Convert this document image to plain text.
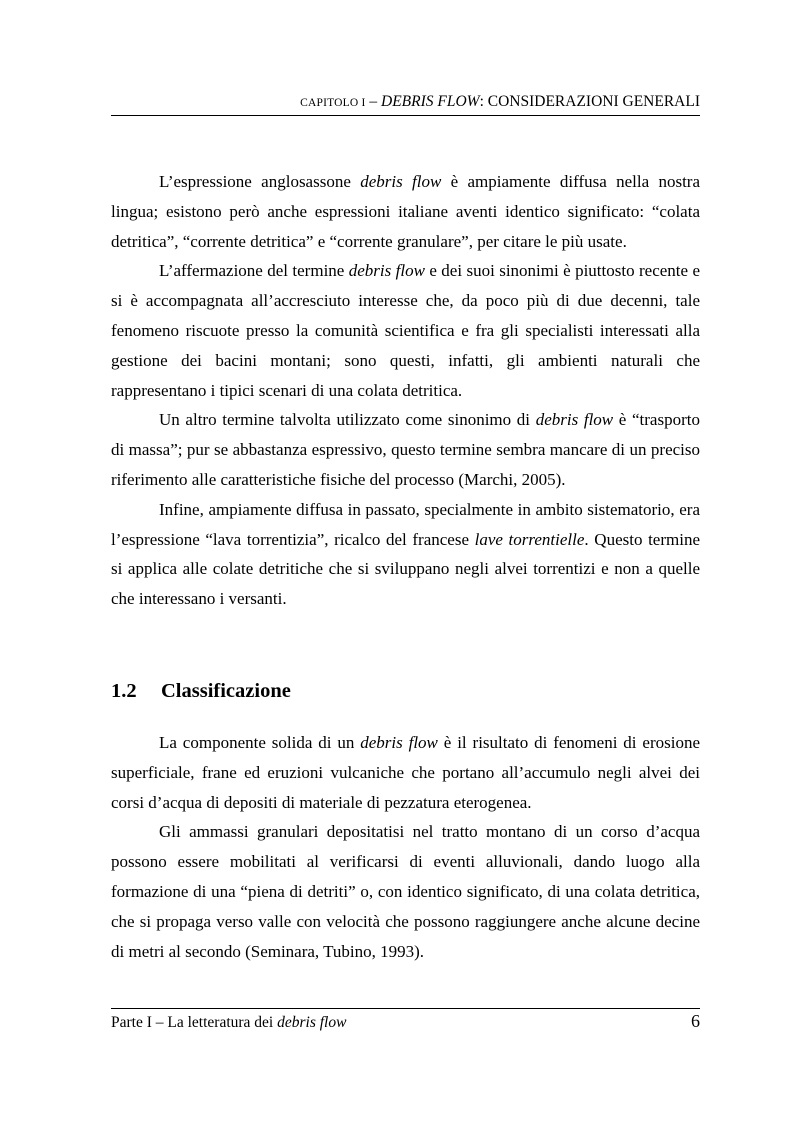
CAPITOLO I – DEBRIS FLOW: CONSIDERAZIONI GENERALI

L’espressione anglosassone debris flow è ampiamente diffusa nella nostra lingua; esistono però anche espressioni italiane aventi identico significato: “colata detritica”, “corrente detritica” e “corrente granulare”, per citare le più usate.

L’affermazione del termine debris flow e dei suoi sinonimi è piuttosto recente e si è accompagnata all’accresciuto interesse che, da poco più di due decenni, tale fenomeno riscuote presso la comunità scientifica e fra gli specialisti interessati alla gestione dei bacini montani; sono questi, infatti, gli ambienti naturali che rappresentano i tipici scenari di una colata detritica.

Un altro termine talvolta utilizzato come sinonimo di debris flow è “trasporto di massa”; pur se abbastanza espressivo, questo termine sembra mancare di un preciso riferimento alle caratteristiche fisiche del processo (Marchi, 2005).

Infine, ampiamente diffusa in passato, specialmente in ambito sistematorio, era l’espressione “lava torrentizia”, ricalco del francese lave torrentielle. Questo termine si applica alle colate detritiche che si sviluppano negli alvei torrentizi e non a quelle che interessano i versanti.

1.2 Classificazione

La componente solida di un debris flow è il risultato di fenomeni di erosione superficiale, frane ed eruzioni vulcaniche che portano all’accumulo negli alvei dei corsi d’acqua di depositi di materiale di pezzatura eterogenea.

Gli ammassi granulari depositatisi nel tratto montano di un corso d’acqua possono essere mobilitati al verificarsi di eventi alluvionali, dando luogo alla formazione di una “piena di detriti” o, con identico significato, di una colata detritica, che si propaga verso valle con velocità che possono raggiungere anche alcune decine di metri al secondo (Seminara, Tubino, 1993).

Parte I – La letteratura dei debris flow	6
